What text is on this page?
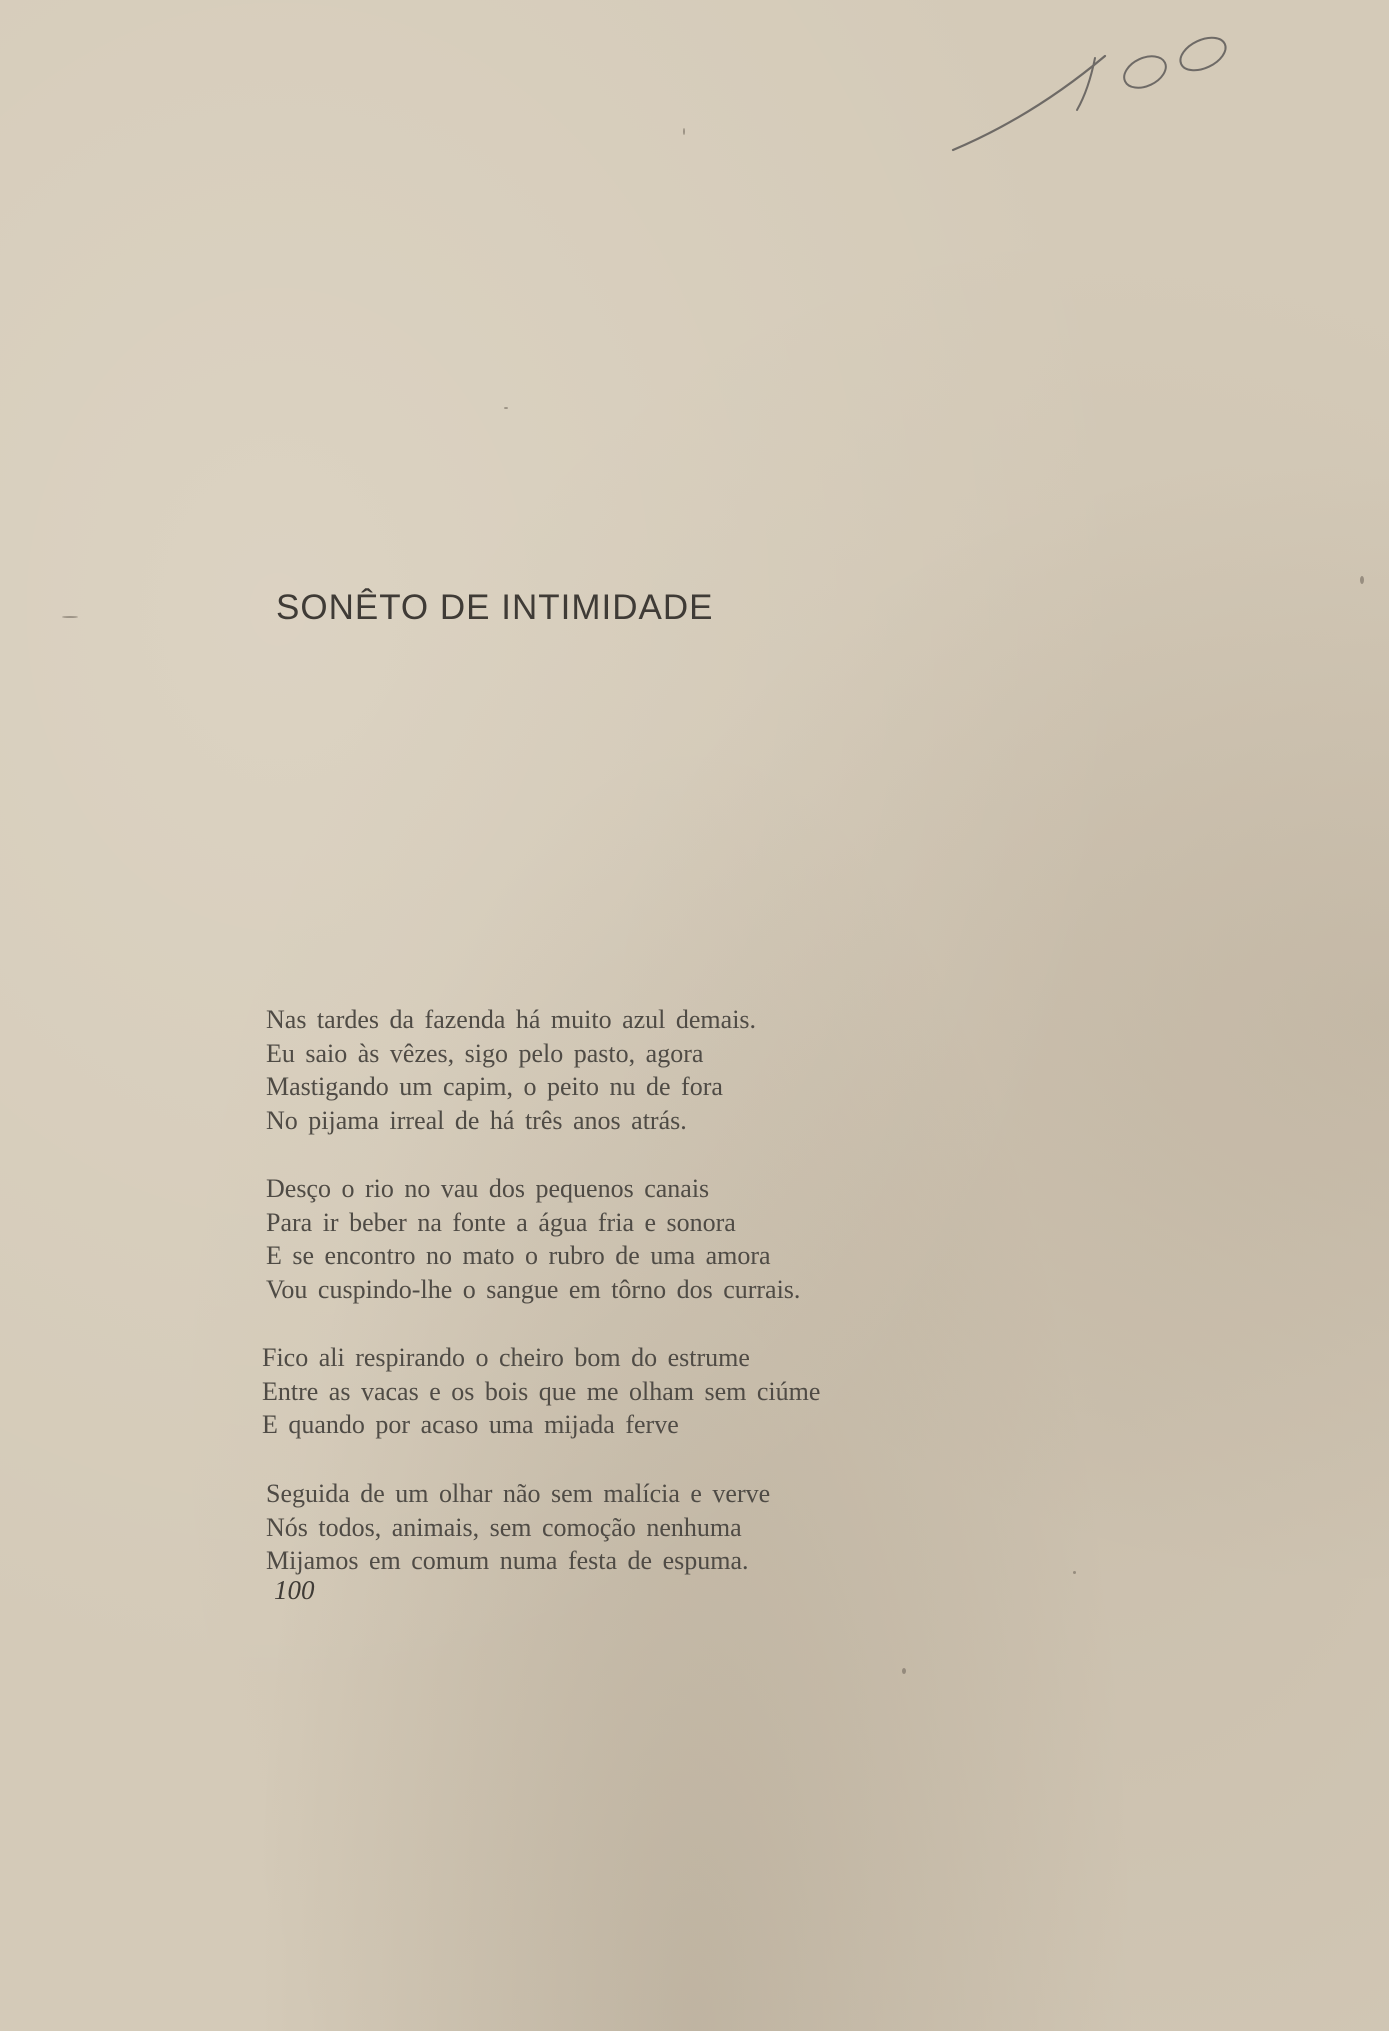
SONÊTO DE INTIMIDADE
Nas tardes da fazenda há muito azul demais.
Eu saio às vêzes, sigo pelo pasto, agora
Mastigando um capim, o peito nu de fora
No pijama irreal de há três anos atrás.
Desço o rio no vau dos pequenos canais
Para ir beber na fonte a água fria e sonora
E se encontro no mato o rubro de uma amora
Vou cuspindo-lhe o sangue em tôrno dos currais.
Fico ali respirando o cheiro bom do estrume
Entre as vacas e os bois que me olham sem ciúme
E quando por acaso uma mijada ferve
Seguida de um olhar não sem malícia e verve
Nós todos, animais, sem comoção nenhuma
Mijamos em comum numa festa de espuma.
100
